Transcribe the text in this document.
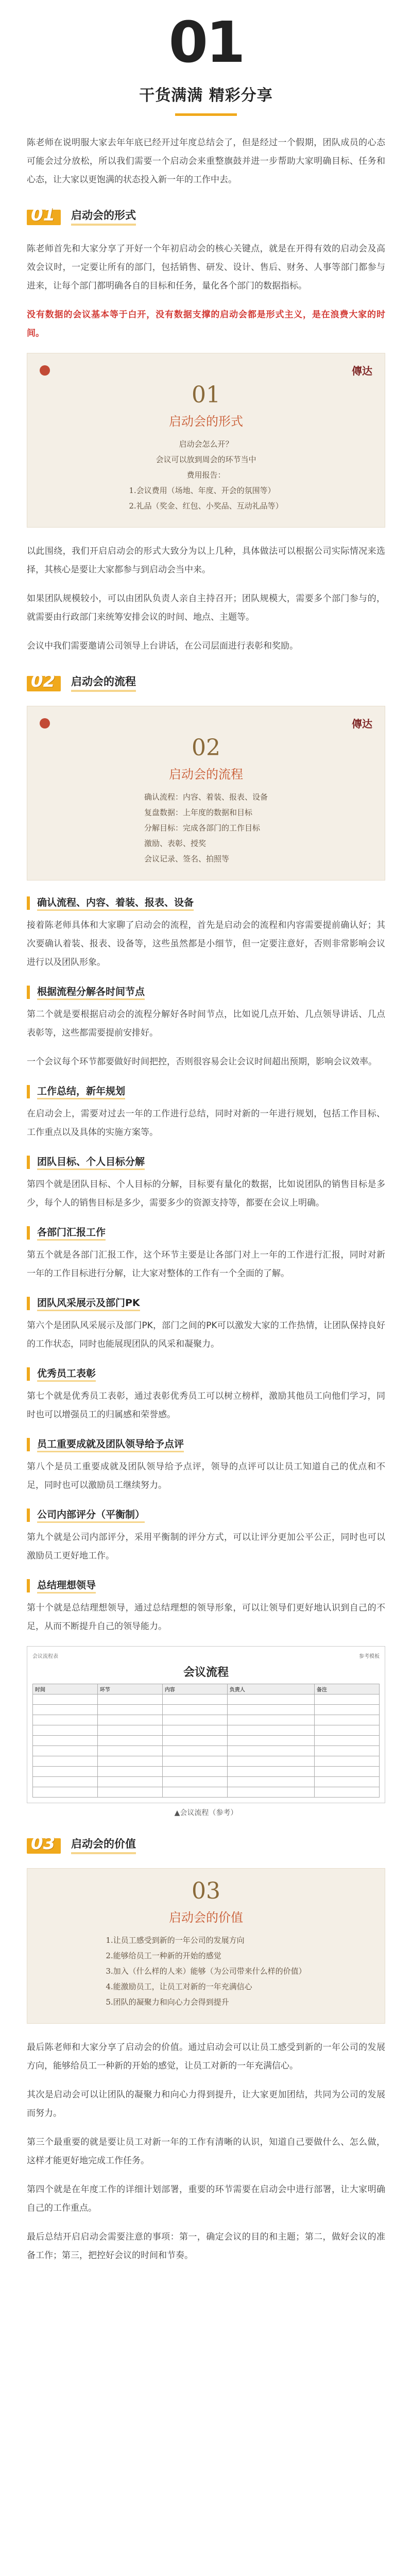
01
干货满满 精彩分享

陈老师在说明服大家去年年底已经开过年度总结会了，但是经过一个假期，团队成员的心态可能会过分放松，所以我们需要一个启动会来重整旗鼓并进一步帮助大家明确目标、任务和心态，让大家以更饱满的状态投入新一年的工作中去。

01 启动会的形式

陈老师首先和大家分享了开好一个年初启动会的核心关键点，就是在开得有效的启动会及高效会议时，一定要让所有的部门，包括销售、研发、设计、售后、财务、人事等部门都参与进来，让每个部门都明确各自的目标和任务，量化各个部门的数据指标。

没有数据的会议基本等于白开，没有数据支撑的启动会都是形式主义，是在浪费大家的时间。

傳达
01
启动会的形式
启动会怎么开？
会议可以放到周会的环节当中
费用报告：
1.会议费用（场地、年度、开会的氛围等）
2.礼品（奖金、红包、小奖品、互动礼品等）

以此围绕，我们开启启动会的形式大致分为以上几种，具体做法可以根据公司实际情况来选择，其核心是要让大家都参与到启动会当中来。

如果团队规模较小，可以由团队负责人亲自主持召开；团队规模大，需要多个部门参与的，就需要由行政部门来统筹安排会议的时间、地点、主题等。

会议中我们需要邀请公司领导上台讲话，在公司层面进行表彰和奖励。

02 启动会的流程
傳达
02
启动会的流程
确认流程：内容、着装、报表、设备
复盘数据：上年度的数据和目标
分解目标：完成各部门的工作目标
激励、表彰、授奖
会议记录、签名、拍照等
确认流程、内容、着装、报表、设备

接着陈老师具体和大家聊了启动会的流程，首先是启动会的流程和内容需要提前确认好；其次要确认着装、报表、设备等，这些虽然都是小细节，但一定要注意好，否则非常影响会议进行以及团队形象。

根据流程分解各时间节点

第二个就是要根据启动会的流程分解好各时间节点，比如说几点开始、几点领导讲话、几点表彰等，这些都需要提前安排好。

一个会议每个环节都要做好时间把控，否则很容易会让会议时间超出预期，影响会议效率。

工作总结，新年规划

在启动会上，需要对过去一年的工作进行总结，同时对新的一年进行规划，包括工作目标、工作重点以及具体的实施方案等。

团队目标、个人目标分解

第四个就是团队目标、个人目标的分解，目标要有量化的数据，比如说团队的销售目标是多少，每个人的销售目标是多少，需要多少的资源支持等，都要在会议上明确。

各部门汇报工作

第五个就是各部门汇报工作，这个环节主要是让各部门对上一年的工作进行汇报，同时对新一年的工作目标进行分解，让大家对整体的工作有一个全面的了解。

团队风采展示及部门PK

第六个是团队风采展示及部门PK，部门之间的PK可以激发大家的工作热情，让团队保持良好的工作状态，同时也能展现团队的风采和凝聚力。

优秀员工表彰

第七个就是优秀员工表彰，通过表彰优秀员工可以树立榜样，激励其他员工向他们学习，同时也可以增强员工的归属感和荣誉感。

员工重要成就及团队领导给予点评

第八个是员工重要成就及团队领导给予点评，领导的点评可以让员工知道自己的优点和不足，同时也可以激励员工继续努力。

公司内部评分（平衡制）

第九个就是公司内部评分，采用平衡制的评分方式，可以让评分更加公平公正，同时也可以激励员工更好地工作。

总结理想领导

第十个就是总结理想领导，通过总结理想的领导形象，可以让领导们更好地认识到自己的不足，从而不断提升自己的领导能力。

会议流程表	参考模板
会议流程
时间	环节	内容	负责人	备注

▲会议流程（参考）
03 启动会的价值
03
启动会的价值
1.让员工感受到新的一年公司的发展方向
2.能够给员工一种新的开始的感觉
3.加入（什么样的人来）能够（为公司带来什么样的价值）
4.能激励员工，让员工对新的一年充满信心
5.团队的凝聚力和向心力会得到提升

最后陈老师和大家分享了启动会的价值。通过启动会可以让员工感受到新的一年公司的发展方向，能够给员工一种新的开始的感觉，让员工对新的一年充满信心。

其次是启动会可以让团队的凝聚力和向心力得到提升，让大家更加团结，共同为公司的发展而努力。

第三个最重要的就是要让员工对新一年的工作有清晰的认识，知道自己要做什么、怎么做，这样才能更好地完成工作任务。

第四个就是在年度工作的详细计划部署，重要的环节需要在启动会中进行部署，让大家明确自己的工作重点。

最后总结开启启动会需要注意的事项：第一，确定会议的目的和主题；第二，做好会议的准备工作；第三，把控好会议的时间和节奏。
